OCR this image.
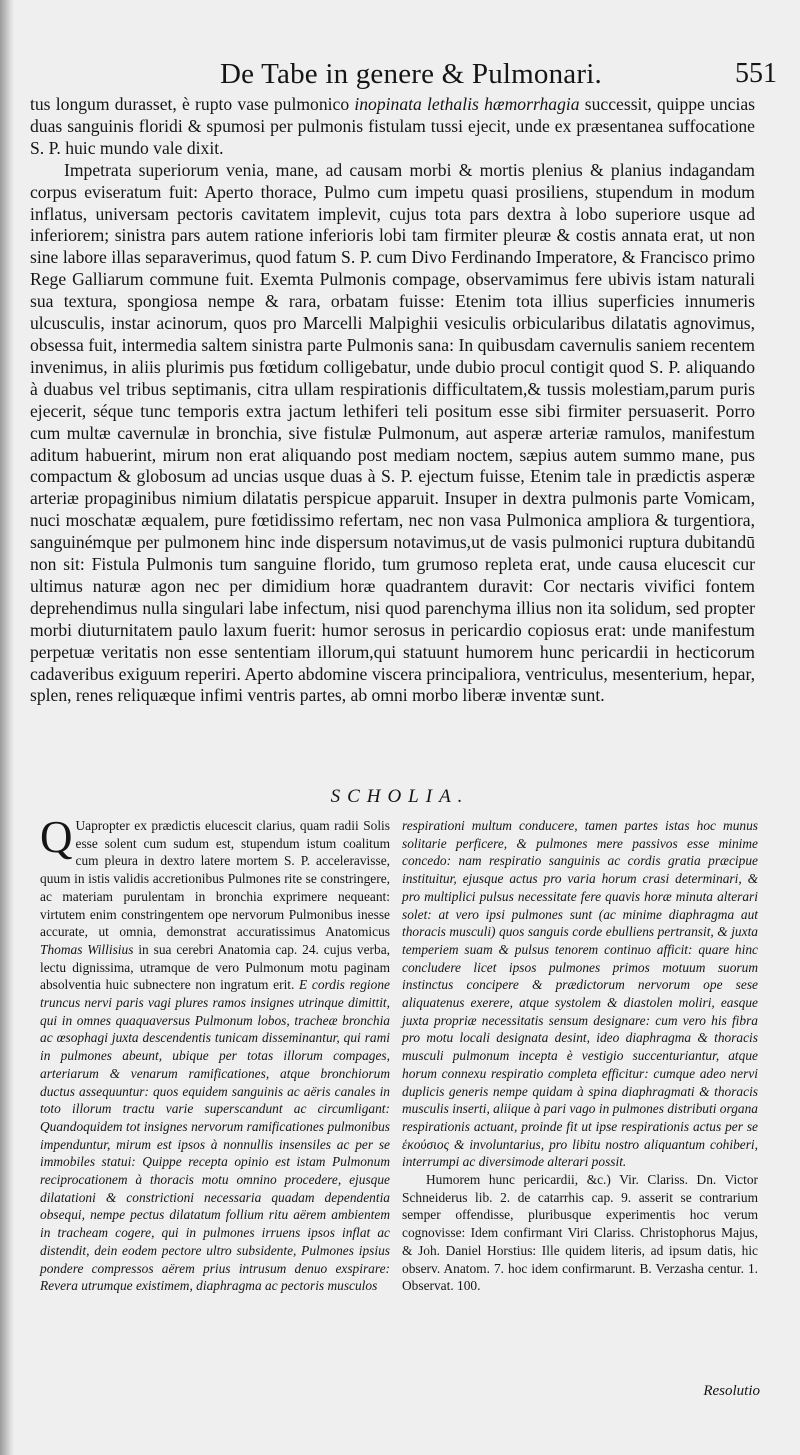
De Tabe in genere & Pulmonari.	551

tus longum durasset, è rupto vase pulmonico inopinata lethalis hæmorrhagia successit, quippe uncias duas sanguinis floridi & spumosi per pulmonis fistulam tussi ejecit, unde ex præsentanea suffocatione S. P. huic mundo vale dixit.

Impetrata superiorum venia, mane, ad causam morbi & mortis plenius & planius indagandam corpus eviseratum fuit: Aperto thorace, Pulmo cum impetu quasi prosiliens, stupendum in modum inflatus, universam pectoris cavitatem implevit, cujus tota pars dextra à lobo superiore usque ad inferiorem; sinistra pars autem ratione inferioris lobi tam firmiter pleuræ & costis annata erat, ut non sine labore illas separaverimus, quod fatum S. P. cum Divo Ferdinando Imperatore, & Francisco primo Rege Galliarum commune fuit. Exemta Pulmonis compage, observamimus fere ubivis istam naturali sua textura, spongiosa nempe & rara, orbatam fuisse: Etenim tota illius superficies innumeris ulcusculis, instar acinorum, quos pro Marcelli Malpighii vesiculis orbicularibus dilatatis agnovimus, obsessa fuit, intermedia saltem sinistra parte Pulmonis sana: In quibusdam cavernulis saniem recentem invenimus, in aliis plurimis pus fœtidum colligebatur, unde dubio procul contigit quod S. P. aliquando à duabus vel tribus septimanis, citra ullam respirationis difficultatem,& tussis molestiam,parum puris ejecerit, séque tunc temporis extra jactum lethiferi teli positum esse sibi firmiter persuaserit. Porro cum multæ cavernulæ in bronchia, sive fistulæ Pulmonum, aut asperæ arteriæ ramulos, manifestum aditum habuerint, mirum non erat aliquando post mediam noctem, sæpius autem summo mane, pus compactum & globosum ad uncias usque duas à S. P. ejectum fuisse, Etenim tale in prædictis asperæ arteriæ propaginibus nimium dilatatis perspicue apparuit. Insuper in dextra pulmonis parte Vomicam, nuci moschatæ æqualem, pure fœtidissimo refertam, nec non vasa Pulmonica ampliora & turgentiora, sanguinémque per pulmonem hinc inde dispersum notavimus,ut de vasis pulmonici ruptura dubitandū non sit: Fistula Pulmonis tum sanguine florido, tum grumoso repleta erat, unde causa elucescit cur ultimus naturæ agon nec per dimidium horæ quadrantem duravit: Cor nectaris vivifici fontem deprehendimus nulla singulari labe infectum, nisi quod parenchyma illius non ita solidum, sed propter morbi diuturnitatem paulo laxum fuerit: humor serosus in pericardio copiosus erat: unde manifestum perpetuæ veritatis non esse sententiam illorum,qui statuunt humorem hunc pericardii in hecticorum cadaveribus exiguum reperiri. Aperto abdomine viscera principaliora, ventriculus, mesenterium, hepar, splen, renes reliquæque infimi ventris partes, ab omni morbo liberæ inventæ sunt.

SCHOLIA.

Q Uapropter ex prædictis elucescit clarius, quam radii Solis esse solent cum sudum est, stupendum istum coalitum cum pleura in dextro latere mortem S. P. acceleravisse, quum in istis validis accretionibus Pulmones rite se constringere, ac materiam purulentam in bronchia exprimere nequeant: virtutem enim constringentem ope nervorum Pulmonibus inesse accurate, ut omnia, demonstrat accuratissimus Anatomicus Thomas Willisius in sua cerebri Anatomia cap. 24. cujus verba, lectu dignissima, utramque de vero Pulmonum motu paginam absolventia huic subnectere non ingratum erit. E cordis regione truncus nervi paris vagi plures ramos insignes utrinque dimittit, qui in omnes quaquaversus Pulmonum lobos, tracheæ bronchia ac œsophagi juxta descendentis tunicam disseminantur, qui rami in pulmones abeunt, ubique per totas illorum compages, arteriarum & venarum ramificationes, atque bronchiorum ductus assequuntur: quos equidem sanguinis ac aëris canales in toto illorum tractu varie superscandunt ac circumligant: Quandoquidem tot insignes nervorum ramificationes pulmonibus impenduntur, mirum est ipsos à nonnullis insensiles ac per se immobiles statui: Quippe recepta opinio est istam Pulmonum reciprocationem à thoracis motu omnino procedere, ejusque dilatationi & constrictioni necessaria quadam dependentia obsequi, nempe pectus dilatatum follium ritu aërem ambientem in tracheam cogere, qui in pulmones irruens ipsos inflat ac distendit, dein eodem pectore ultro subsidente, Pulmones ipsius pondere compressos aërem prius intrusum denuo exspirare: Revera utrumque existimem, diaphragma ac pectoris musculos

respirationi multum conducere, tamen partes istas hoc munus solitarie perficere, & pulmones mere passivos esse minime concedo: nam respiratio sanguinis ac cordis gratia præcipue instituitur, ejusque actus pro varia horum crasi determinari, & pro multiplici pulsus necessitate fere quavis horæ minuta alterari solet: at vero ipsi pulmones sunt (ac minime diaphragma aut thoracis musculi) quos sanguis corde ebulliens pertransit, & juxta temperiem suam & pulsus tenorem continuo afficit: quare hinc concludere licet ipsos pulmones primos motuum suorum instinctus concipere & prædictorum nervorum ope sese aliquatenus exerere, atque systolem & diastolen moliri, easque juxta propriæ necessitatis sensum designare: cum vero his fibra pro motu locali designata desint, ideo diaphragma & thoracis musculi pulmonum incepta è vestigio succenturiantur, atque horum connexu respiratio completa efficitur: cumque adeo nervi duplicis generis nempe quidam à spina diaphragmati & thoracis musculis inserti, aliique à pari vago in pulmones distributi organa respirationis actuant, proinde fit ut ipse respirationis actus per se ἑκούσιος & involuntarius, pro libitu nostro aliquantum cohiberi, interrumpi ac diversimode alterari possit.

Humorem hunc pericardii, &c.) Vir. Clariss. Dn. Victor Schneiderus lib. 2. de catarrhis cap. 9. asserit se contrarium semper offendisse, pluribusque experimentis hoc verum cognovisse: Idem confirmant Viri Clariss. Christophorus Majus, & Joh. Daniel Horstius: Ille quidem literis, ad ipsum datis, hic observ. Anatom. 7. hoc idem confirmarunt. B. Verzasha centur. 1. Observat. 100.

Resolutio
